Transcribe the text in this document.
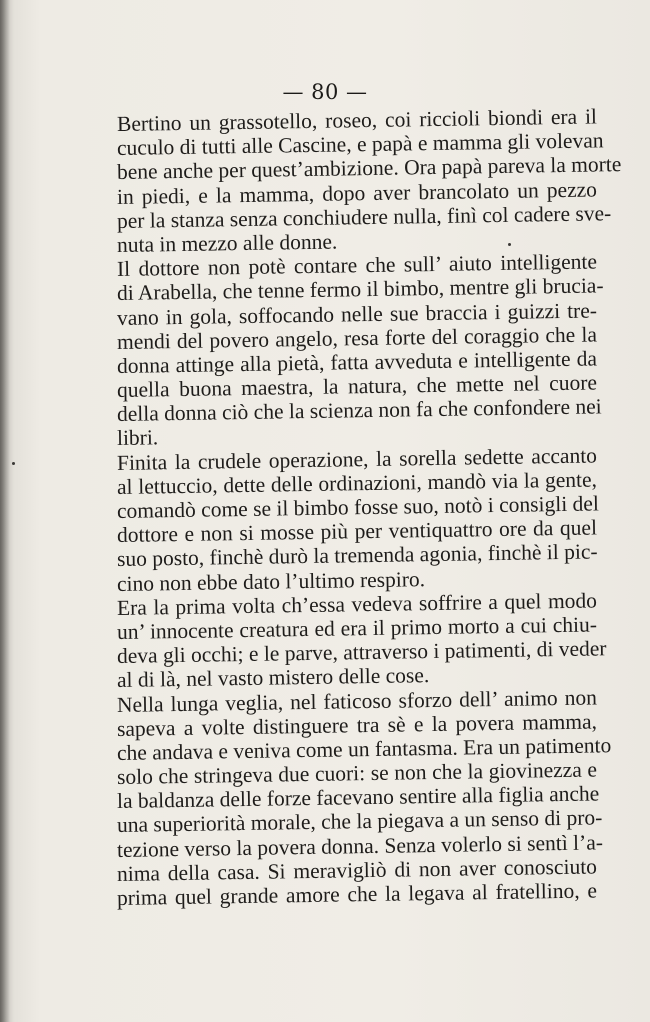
— 80 —
Bertino un grassotello, roseo, coi riccioli biondi era il
cuculo di tutti alle Cascine, e papà e mamma gli volevan
bene anche per quest’ambizione. Ora papà pareva la morte
in piedi, e la mamma, dopo aver brancolato un pezzo
per la stanza senza conchiudere nulla, finì col cadere sve-
nuta in mezzo alle donne.
Il dottore non potè contare che sull’ aiuto intelligente
di Arabella, che tenne fermo il bimbo, mentre gli brucia-
vano in gola, soffocando nelle sue braccia i guizzi tre-
mendi del povero angelo, resa forte del coraggio che la
donna attinge alla pietà, fatta avveduta e intelligente da
quella buona maestra, la natura, che mette nel cuore
della donna ciò che la scienza non fa che confondere nei
libri.
Finita la crudele operazione, la sorella sedette accanto
al lettuccio, dette delle ordinazioni, mandò via la gente,
comandò come se il bimbo fosse suo, notò i consigli del
dottore e non si mosse più per ventiquattro ore da quel
suo posto, finchè durò la tremenda agonia, finchè il pic-
cino non ebbe dato l’ultimo respiro.
Era la prima volta ch’essa vedeva soffrire a quel modo
un’ innocente creatura ed era il primo morto a cui chiu-
deva gli occhi; e le parve, attraverso i patimenti, di veder
al di là, nel vasto mistero delle cose.
Nella lunga veglia, nel faticoso sforzo dell’ animo non
sapeva a volte distinguere tra sè e la povera mamma,
che andava e veniva come un fantasma. Era un patimento
solo che stringeva due cuori: se non che la giovinezza e
la baldanza delle forze facevano sentire alla figlia anche
una superiorità morale, che la piegava a un senso di pro-
tezione verso la povera donna. Senza volerlo si sentì l’a-
nima della casa. Si meravigliò di non aver conosciuto
prima quel grande amore che la legava al fratellino, e
